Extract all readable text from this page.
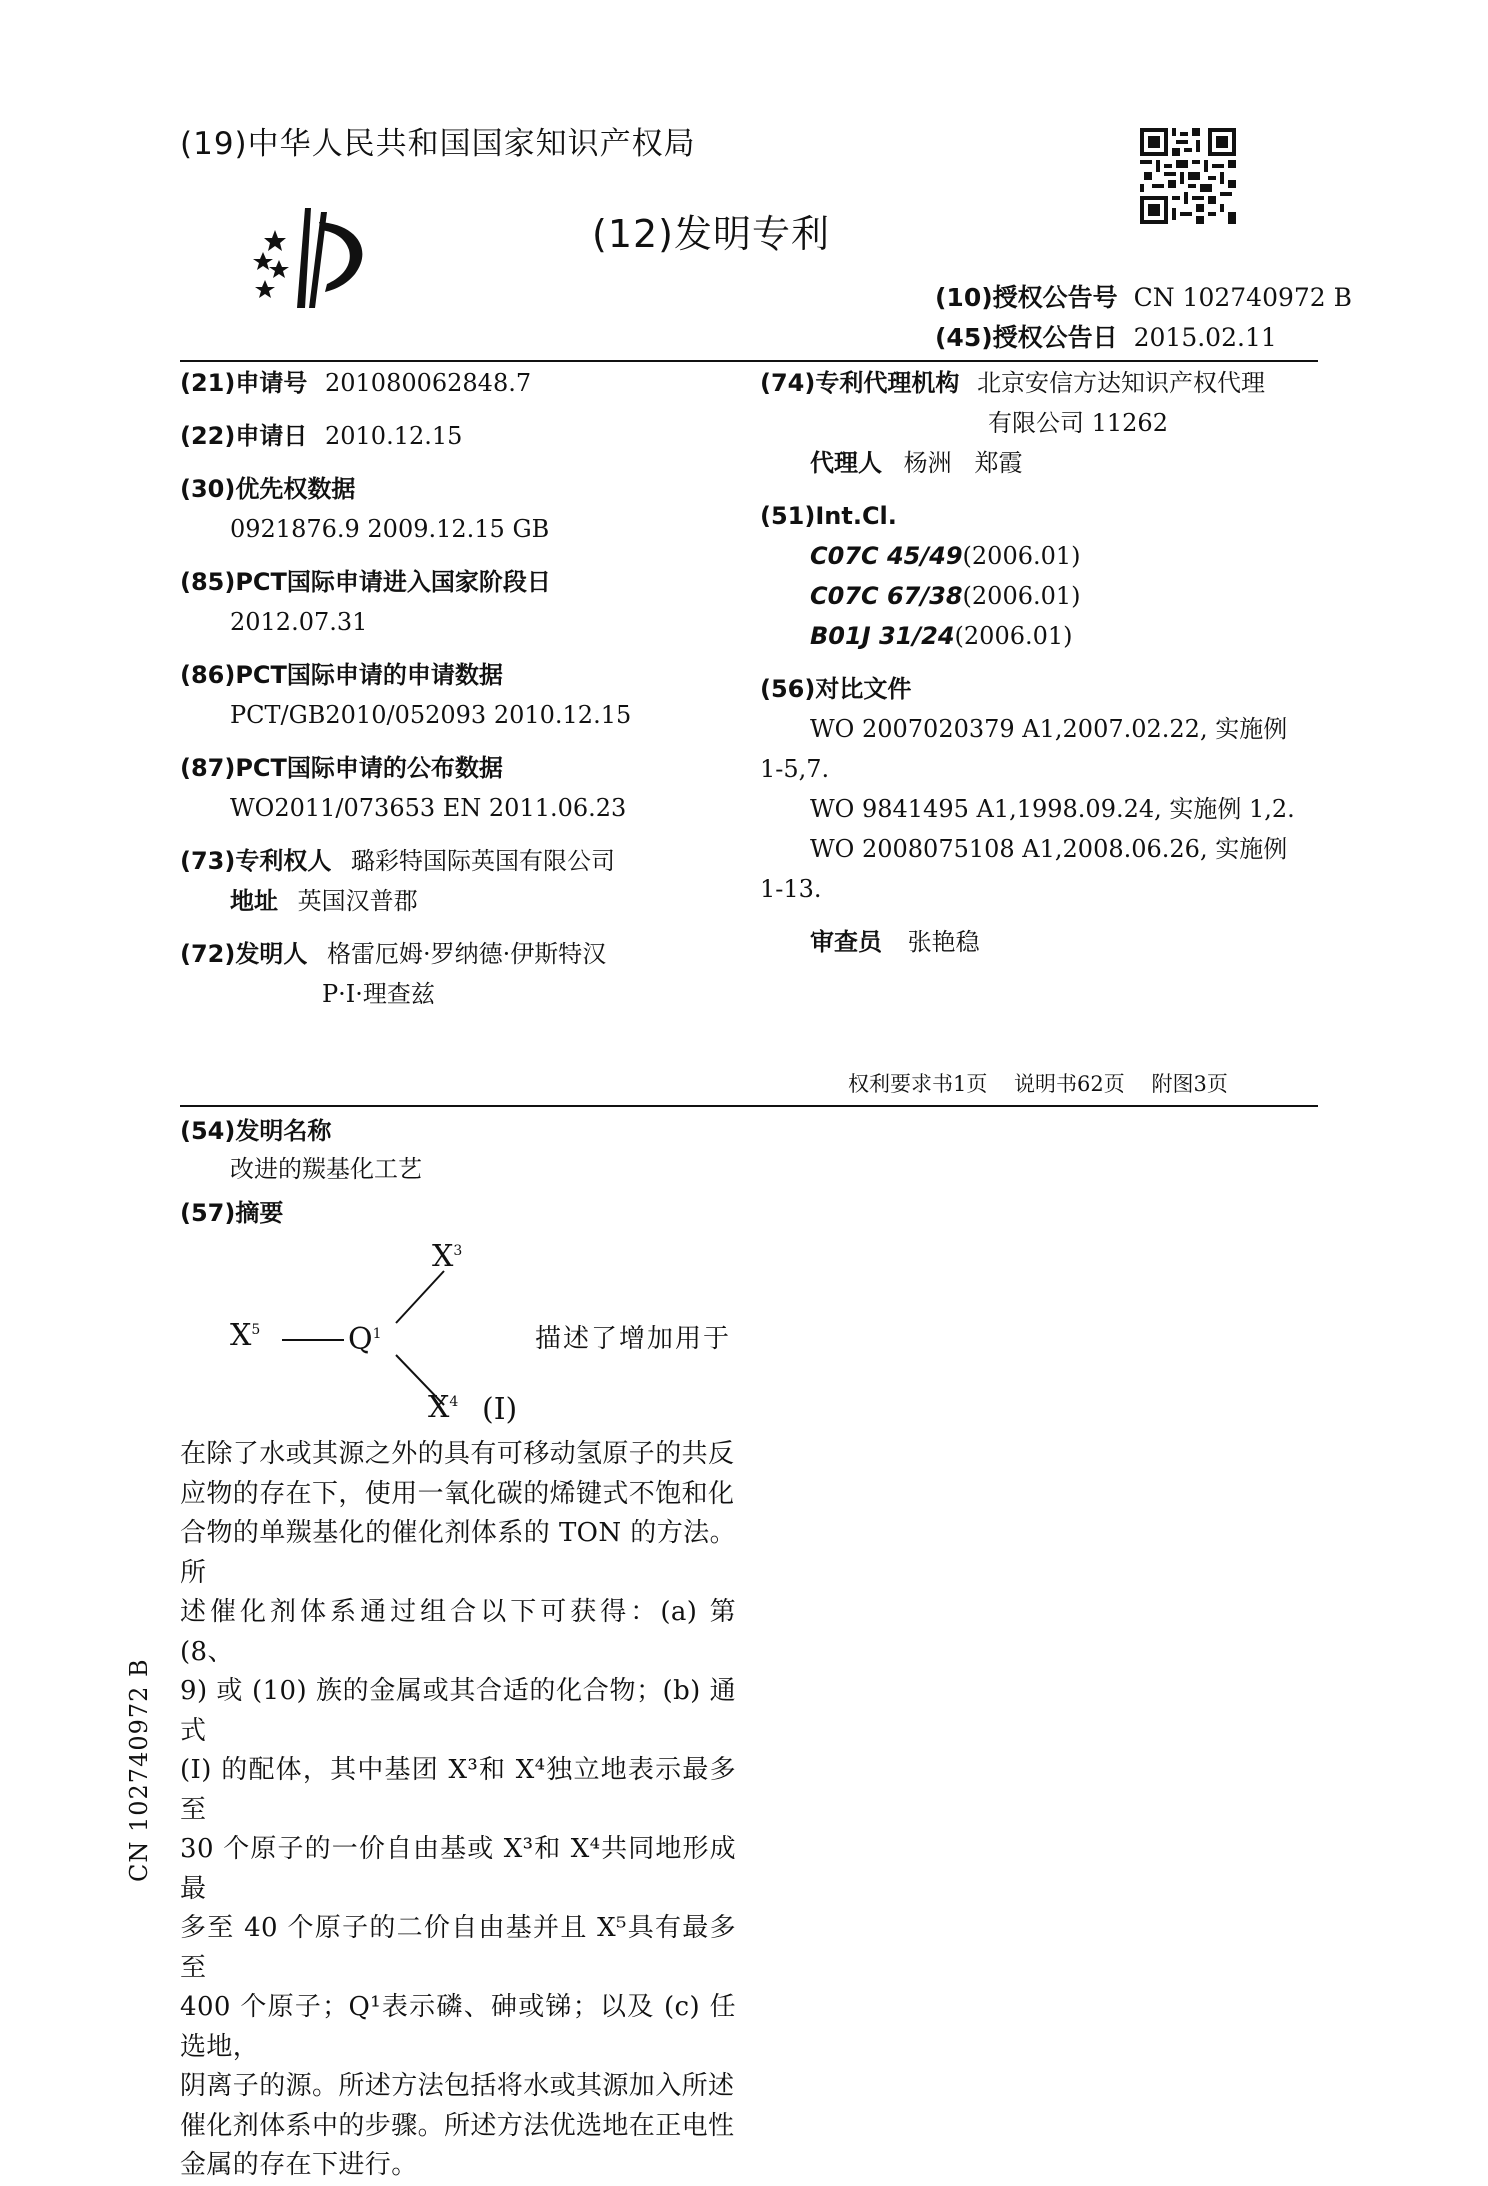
(19)中华人民共和国国家知识产权局
(12)发明专利
(10)授权公告号 CN 102740972 B
(45)授权公告日 2015.02.11
(21)申请号 201080062848.7
(22)申请日 2010.12.15
(30)优先权数据
0921876.9 2009.12.15 GB
(85)PCT国际申请进入国家阶段日
2012.07.31
(86)PCT国际申请的申请数据
PCT/GB2010/052093 2010.12.15
(87)PCT国际申请的公布数据
WO2011/073653 EN 2011.06.23
(73)专利权人 璐彩特国际英国有限公司
地址 英国汉普郡
(72)发明人 格雷厄姆·罗纳德·伊斯特汉
P·I·理查兹
(74)专利代理机构 北京安信方达知识产权代理
有限公司 11262
代理人 杨洲   郑霞
(51)Int.Cl.
C07C 45/49(2006.01)
C07C 67/38(2006.01)
B01J 31/24(2006.01)
(56)对比文件
WO 2007020379 A1,2007.02.22, 实施例
1-5,7.
WO 9841495 A1,1998.09.24, 实施例 1,2.
WO 2008075108 A1,2008.06.26, 实施例
1-13.
审查员 张艳稳
权利要求书1页    说明书62页    附图3页
(54)发明名称
改进的羰基化工艺
(57)摘要
$X^5$	$Q^1$
$X^3$
$X^4$ (Ⅰ)
描述了增加用于

在除了水或其源之外的具有可移动氢原子的共反

应物的存在下，使用一氧化碳的烯键式不饱和化

合物的单羰基化的催化剂体系的 TON 的方法。所

述催化剂体系通过组合以下可获得：(a) 第 (8、

9) 或 (10) 族的金属或其合适的化合物；(b) 通式

(I) 的配体，其中基团 X³和 X⁴独立地表示最多至

30 个原子的一价自由基或 X³和 X⁴共同地形成最

多至 40 个原子的二价自由基并且 X⁵具有最多至

400 个原子；Q¹表示磷、砷或锑；以及 (c) 任选地，

阴离子的源。所述方法包括将水或其源加入所述

催化剂体系中的步骤。所述方法优选地在正电性

金属的存在下进行。

CN 102740972 B
